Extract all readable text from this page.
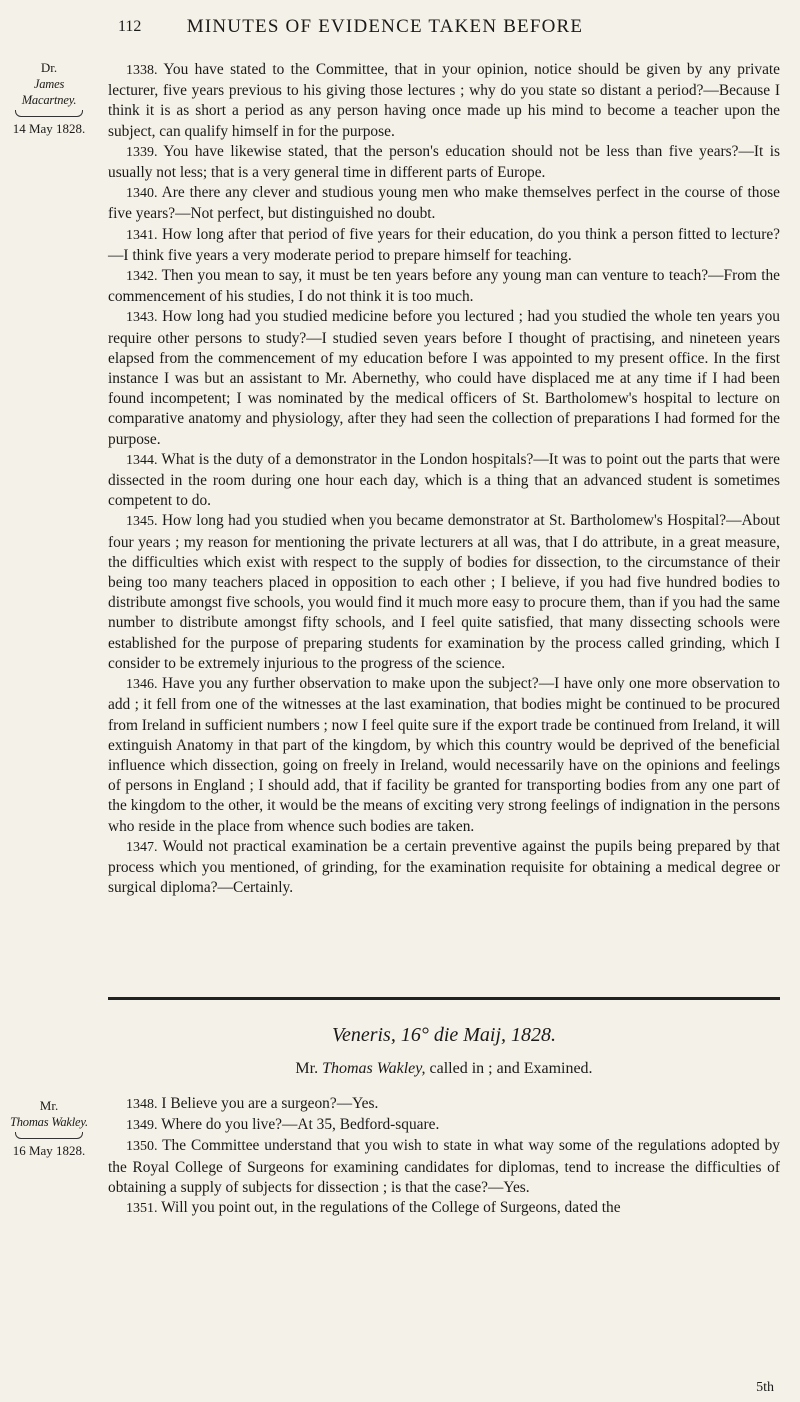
112	MINUTES OF EVIDENCE TAKEN BEFORE
Dr.
James Macartney.
14 May 1828.

1338. You have stated to the Committee, that in your opinion, notice should be given by any private lecturer, five years previous to his giving those lectures ; why do you state so distant a period?—Because I think it is as short a period as any person having once made up his mind to become a teacher upon the subject, can qualify himself in for the purpose.

1339. You have likewise stated, that the person's education should not be less than five years?—It is usually not less; that is a very general time in different parts of Europe.

1340. Are there any clever and studious young men who make themselves perfect in the course of those five years?—Not perfect, but distinguished no doubt.

1341. How long after that period of five years for their education, do you think a person fitted to lecture?—I think five years a very moderate period to prepare himself for teaching.

1342. Then you mean to say, it must be ten years before any young man can venture to teach?—From the commencement of his studies, I do not think it is too much.

1343. How long had you studied medicine before you lectured ; had you studied the whole ten years you require other persons to study?—I studied seven years before I thought of practising, and nineteen years elapsed from the commencement of my education before I was appointed to my present office. In the first instance I was but an assistant to Mr. Abernethy, who could have displaced me at any time if I had been found incompetent; I was nominated by the medical officers of St. Bartholomew's hospital to lecture on comparative anatomy and physiology, after they had seen the collection of preparations I had formed for the purpose.

1344. What is the duty of a demonstrator in the London hospitals?—It was to point out the parts that were dissected in the room during one hour each day, which is a thing that an advanced student is sometimes competent to do.

1345. How long had you studied when you became demonstrator at St. Bartholomew's Hospital?—About four years ; my reason for mentioning the private lecturers at all was, that I do attribute, in a great measure, the difficulties which exist with respect to the supply of bodies for dissection, to the circumstance of their being too many teachers placed in opposition to each other ; I believe, if you had five hundred bodies to distribute amongst five schools, you would find it much more easy to procure them, than if you had the same number to distribute amongst fifty schools, and I feel quite satisfied, that many dissecting schools were established for the purpose of preparing students for examination by the process called grinding, which I consider to be extremely injurious to the progress of the science.

1346. Have you any further observation to make upon the subject?—I have only one more observation to add ; it fell from one of the witnesses at the last examination, that bodies might be continued to be procured from Ireland in sufficient numbers ; now I feel quite sure if the export trade be continued from Ireland, it will extinguish Anatomy in that part of the kingdom, by which this country would be deprived of the beneficial influence which dissection, going on freely in Ireland, would necessarily have on the opinions and feelings of persons in England ; I should add, that if facility be granted for transporting bodies from any one part of the kingdom to the other, it would be the means of exciting very strong feelings of indignation in the persons who reside in the place from whence such bodies are taken.

1347. Would not practical examination be a certain preventive against the pupils being prepared by that process which you mentioned, of grinding, for the examination requisite for obtaining a medical degree or surgical diploma?—Certainly.

Veneris, 16° die Maij, 1828.
Mr. Thomas Wakley, called in ; and Examined.
Mr.
Thomas Wakley.
16 May 1828.

1348. I Believe you are a surgeon?—Yes.

1349. Where do you live?—At 35, Bedford-square.

1350. The Committee understand that you wish to state in what way some of the regulations adopted by the Royal College of Surgeons for examining candidates for diplomas, tend to increase the difficulties of obtaining a supply of subjects for dissection ; is that the case?—Yes.

1351. Will you point out, in the regulations of the College of Surgeons, dated the

5th
